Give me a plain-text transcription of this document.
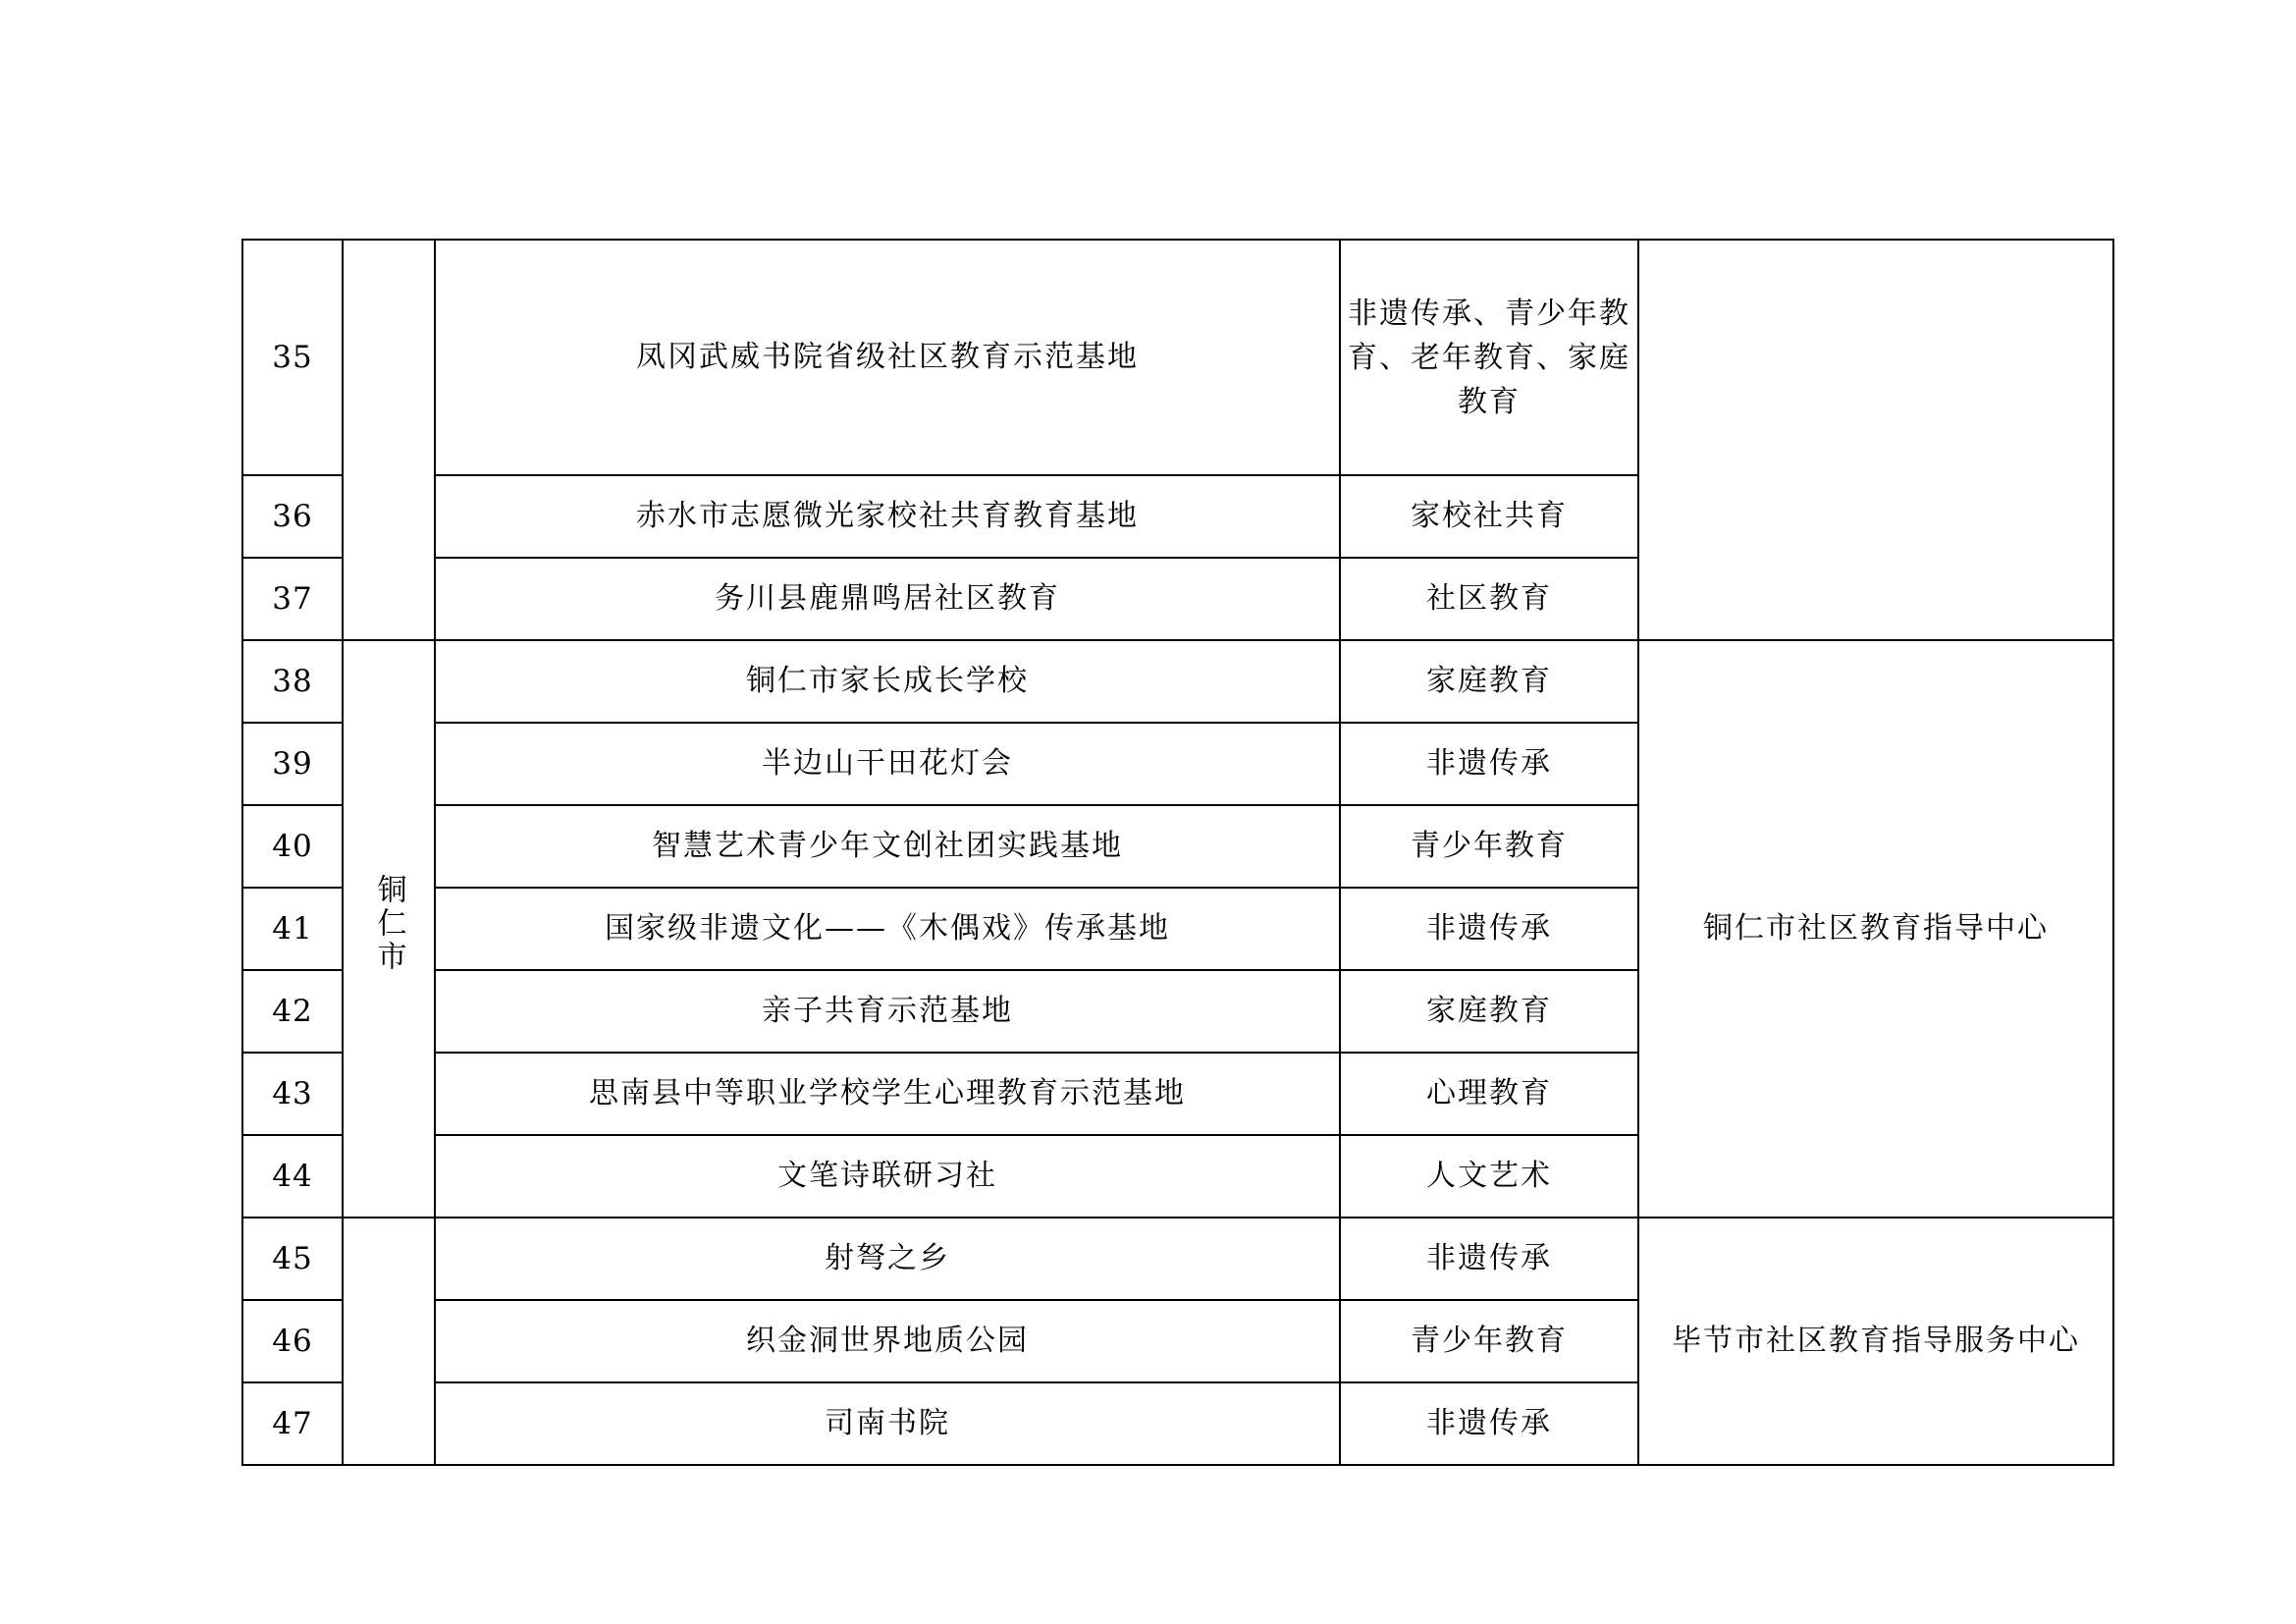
35		凤冈武威书院省级社区教育示范基地	非遗传承、青少年教育、老年教育、家庭教育	
36		赤水市志愿微光家校社共育教育基地	家校社共育	
37		务川县鹿鼎鸣居社区教育	社区教育	
38	铜仁市	铜仁市家长成长学校	家庭教育	铜仁市社区教育指导中心
39		半边山干田花灯会	非遗传承	
40		智慧艺术青少年文创社团实践基地	青少年教育	
41		国家级非遗文化——《木偶戏》传承基地	非遗传承	
42		亲子共育示范基地	家庭教育	
43		思南县中等职业学校学生心理教育示范基地	心理教育	
44		文笔诗联研习社	人文艺术	
45		射弩之乡	非遗传承	毕节市社区教育指导服务中心
46		织金洞世界地质公园	青少年教育	
47		司南书院	非遗传承	
